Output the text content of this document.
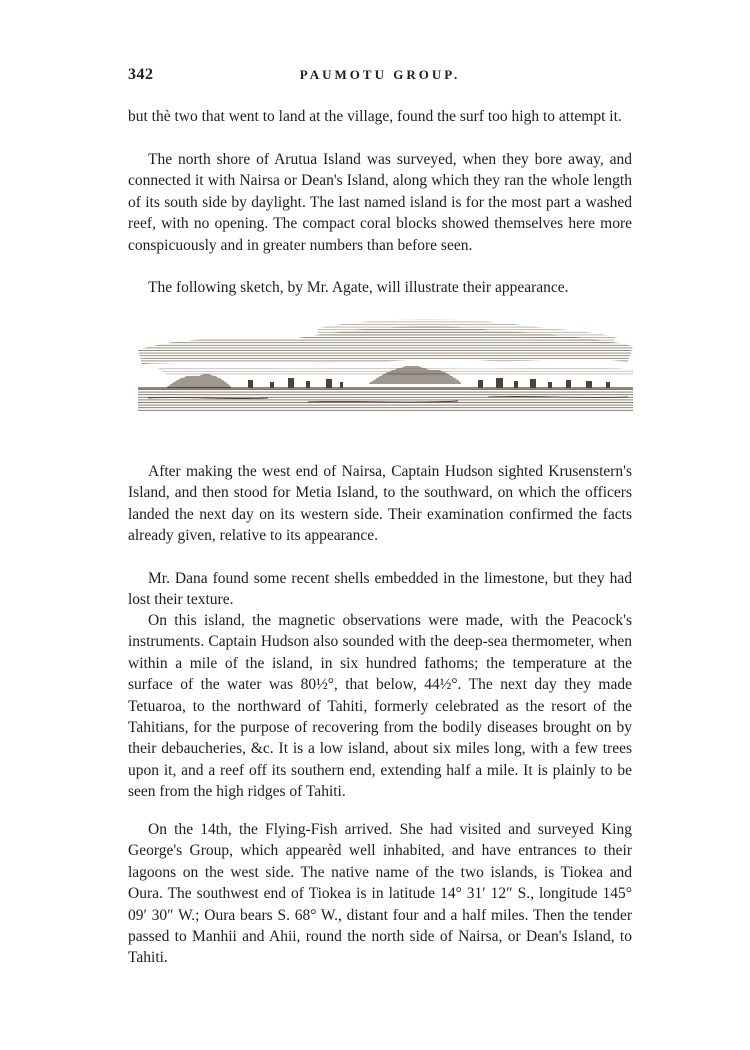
342	PAUMOTU GROUP.

but thè two that went to land at the village, found the surf too high to attempt it.

The north shore of Arutua Island was surveyed, when they bore away, and connected it with Nairsa or Dean's Island, along which they ran the whole length of its south side by daylight. The last named island is for the most part a washed reef, with no opening. The compact coral blocks showed themselves here more conspicuously and in greater numbers than before seen.

The following sketch, by Mr. Agate, will illustrate their appearance.

After making the west end of Nairsa, Captain Hudson sighted Krusenstern's Island, and then stood for Metia Island, to the southward, on which the officers landed the next day on its western side. Their examination confirmed the facts already given, relative to its appearance.

Mr. Dana found some recent shells embedded in the limestone, but they had lost their texture.

On this island, the magnetic observations were made, with the Peacock's instruments. Captain Hudson also sounded with the deep-sea thermometer, when within a mile of the island, in six hundred fathoms; the temperature at the surface of the water was 80½°, that below, 44½°. The next day they made Tetuaroa, to the northward of Tahiti, formerly celebrated as the resort of the Tahitians, for the purpose of recovering from the bodily diseases brought on by their debaucheries, &c. It is a low island, about six miles long, with a few trees upon it, and a reef off its southern end, extending half a mile. It is plainly to be seen from the high ridges of Tahiti.

On the 14th, the Flying-Fish arrived. She had visited and surveyed King George's Group, which appearèd well inhabited, and have entrances to their lagoons on the west side. The native name of the two islands, is Tiokea and Oura. The southwest end of Tiokea is in latitude 14° 31′ 12″ S., longitude 145° 09′ 30″ W.; Oura bears S. 68° W., distant four and a half miles. Then the tender passed to Manhii and Ahii, round the north side of Nairsa, or Dean's Island, to Tahiti.
